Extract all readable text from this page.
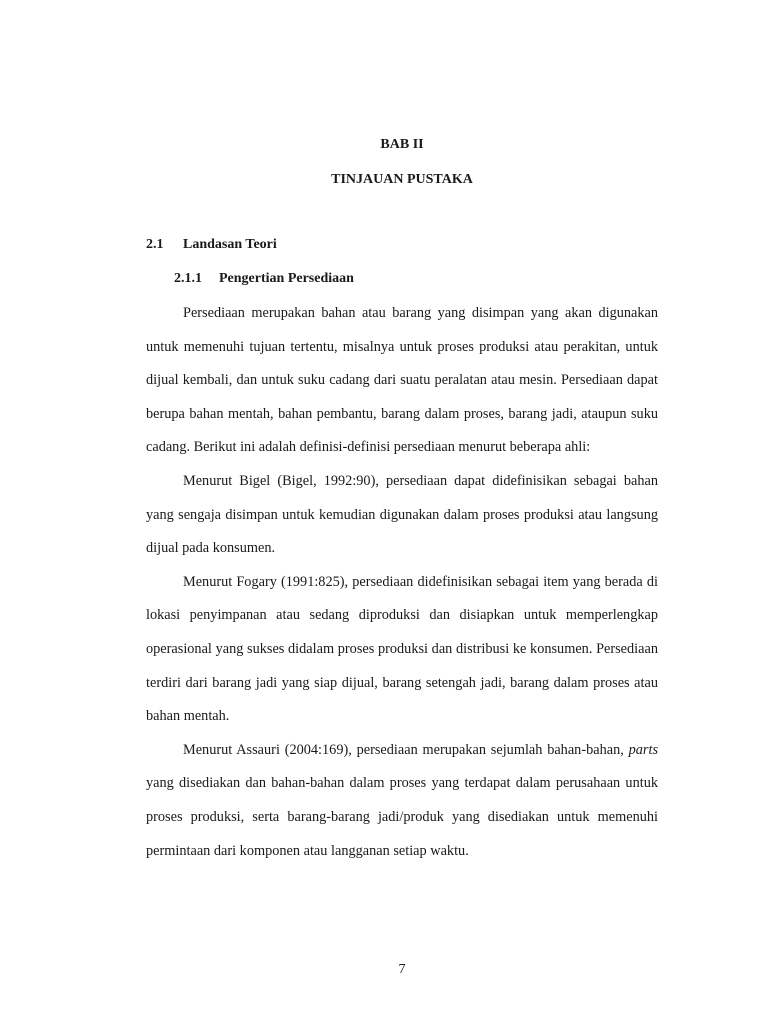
BAB II
TINJAUAN PUSTAKA
2.1 Landasan Teori
2.1.1 Pengertian Persediaan

Persediaan merupakan bahan atau barang yang disimpan yang akan digunakan untuk memenuhi tujuan tertentu, misalnya untuk proses produksi atau perakitan, untuk dijual kembali, dan untuk suku cadang dari suatu peralatan atau mesin. Persediaan dapat berupa bahan mentah, bahan pembantu, barang dalam proses, barang jadi, ataupun suku cadang. Berikut ini adalah definisi-definisi persediaan menurut beberapa ahli:

Menurut Bigel (Bigel, 1992:90), persediaan dapat didefinisikan sebagai bahan yang sengaja disimpan untuk kemudian digunakan dalam proses produksi atau langsung dijual pada konsumen.

Menurut Fogary (1991:825), persediaan didefinisikan sebagai item yang berada di lokasi penyimpanan atau sedang diproduksi dan disiapkan untuk memperlengkap operasional yang sukses didalam proses produksi dan distribusi ke konsumen. Persediaan terdiri dari barang jadi yang siap dijual, barang setengah jadi, barang dalam proses atau bahan mentah.

Menurut Assauri (2004:169), persediaan merupakan sejumlah bahan-bahan, parts yang disediakan dan bahan-bahan dalam proses yang terdapat dalam perusahaan untuk proses produksi, serta barang-barang jadi/produk yang disediakan untuk memenuhi permintaan dari komponen atau langganan setiap waktu.

7
